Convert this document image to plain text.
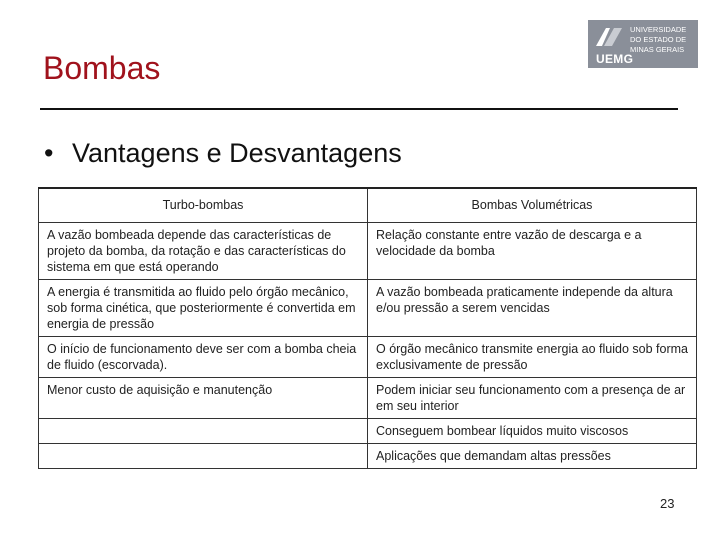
Bombas	UEMG
UNIVERSIDADE
DO ESTADO DE
MINAS GERAIS
• Vantagens e Desvantagens
Turbo-bombas	Bombas Volumétricas
A vazão bombeada depende das características de projeto da bomba, da rotação e das características do sistema em que está operando	Relação constante entre vazão de descarga e a velocidade da bomba
A energia é transmitida ao fluido pelo órgão mecânico, sob forma cinética, que posteriormente é convertida em energia de pressão	A vazão bombeada praticamente independe da altura e/ou pressão a serem vencidas
O início de funcionamento deve ser com a bomba cheia de fluido (escorvada).	O órgão mecânico transmite energia ao fluido sob forma exclusivamente de pressão
Menor custo de aquisição e manutenção	Podem iniciar seu funcionamento com a presença de ar em seu interior
	Conseguem bombear líquidos muito viscosos
	Aplicações que demandam altas pressões
23
